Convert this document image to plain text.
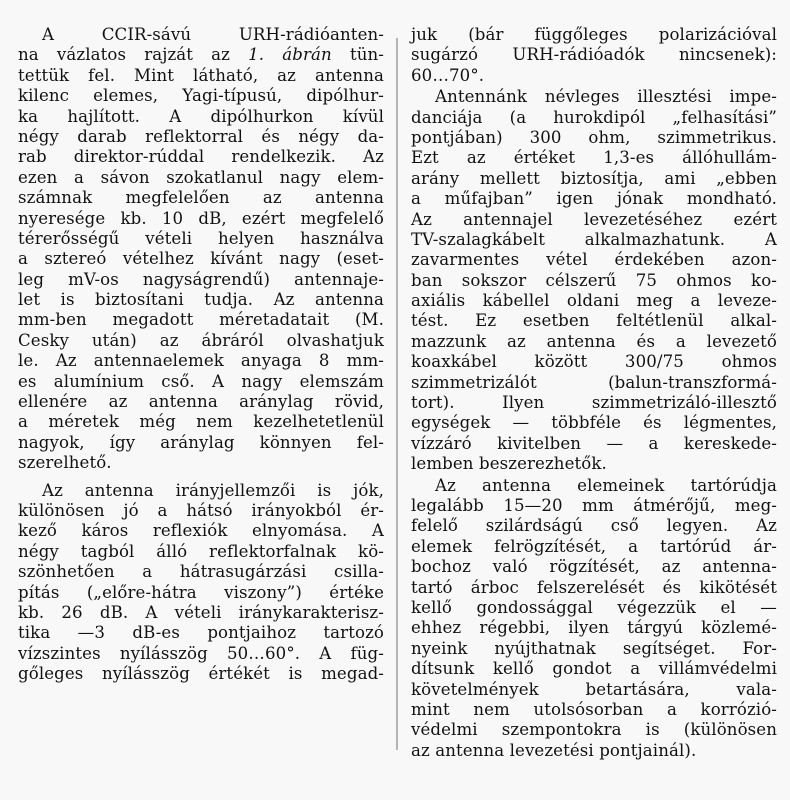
A CCIR-sávú URH-rádióanten-
na vázlatos rajzát az 1. ábrán tün-
tettük fel. Mint látható, az antenna
kilenc elemes, Yagi-típusú, dipólhur-
ka hajlított. A dipólhurkon kívül
négy darab reflektorral és négy da-
rab direktor-rúddal rendelkezik. Az
ezen a sávon szokatlanul nagy elem-
számnak megfelelően az antenna
nyeresége kb. 10 dB, ezért megfelelő
térerősségű vételi helyen használva
a sztereó vételhez kívánt nagy (eset-
leg mV-os nagyságrendű) antennaje-
let is biztosítani tudja. Az antenna
mm-ben megadott méretadatait (M.
Cesky után) az ábráról olvashatjuk
le. Az antennaelemek anyaga 8 mm-
es alumínium cső. A nagy elemszám
ellenére az antenna aránylag rövid,
a méretek még nem kezelhetetlenül
nagyok, így aránylag könnyen fel-
szerelhető.
Az antenna irányjellemzői is jók,
különösen jó a hátsó irányokból ér-
kező káros reflexiók elnyomása. A
négy tagból álló reflektorfalnak kö-
szönhetően a hátrasugárzási csilla-
pítás („előre-hátra viszony”) értéke
kb. 26 dB. A vételi iránykarakterisz-
tika —3 dB-es pontjaihoz tartozó
vízszintes nyílásszög 50…60°. A füg-
gőleges nyílásszög értékét is megad-
juk (bár függőleges polarizációval
sugárzó URH-rádióadók nincsenek):
60…70°.
Antennánk névleges illesztési impe-
danciája (a hurokdipól „felhasítási”
pontjában) 300 ohm, szimmetrikus.
Ezt az értéket 1,3-es állóhullám-
arány mellett biztosítja, ami „ebben
a műfajban” igen jónak mondható.
Az antennajel levezetéséhez ezért
TV-szalagkábelt alkalmazhatunk. A
zavarmentes vétel érdekében azon-
ban sokszor célszerű 75 ohmos ko-
axiális kábellel oldani meg a leveze-
tést. Ez esetben feltétlenül alkal-
mazzunk az antenna és a levezető
koaxkábel között 300/75 ohmos
szimmetrizálót (balun-transzformá-
tort). Ilyen szimmetrizáló-illesztő
egységek — többféle és légmentes,
vízzáró kivitelben — a kereskede-
lemben beszerezhetők.
Az antenna elemeinek tartórúdja
legalább 15—20 mm átmérőjű, meg-
felelő szilárdságú cső legyen. Az
elemek felrögzítését, a tartórúd ár-
bochoz való rögzítését, az antenna-
tartó árboc felszerelését és kikötését
kellő gondossággal végezzük el —
ehhez régebbi, ilyen tárgyú közlemé-
nyeink nyújthatnak segítséget. For-
dítsunk kellő gondot a villámvédelmi
követelmények betartására, vala-
mint nem utolsósorban a korrózió-
védelmi szempontokra is (különösen
az antenna levezetési pontjainál).
